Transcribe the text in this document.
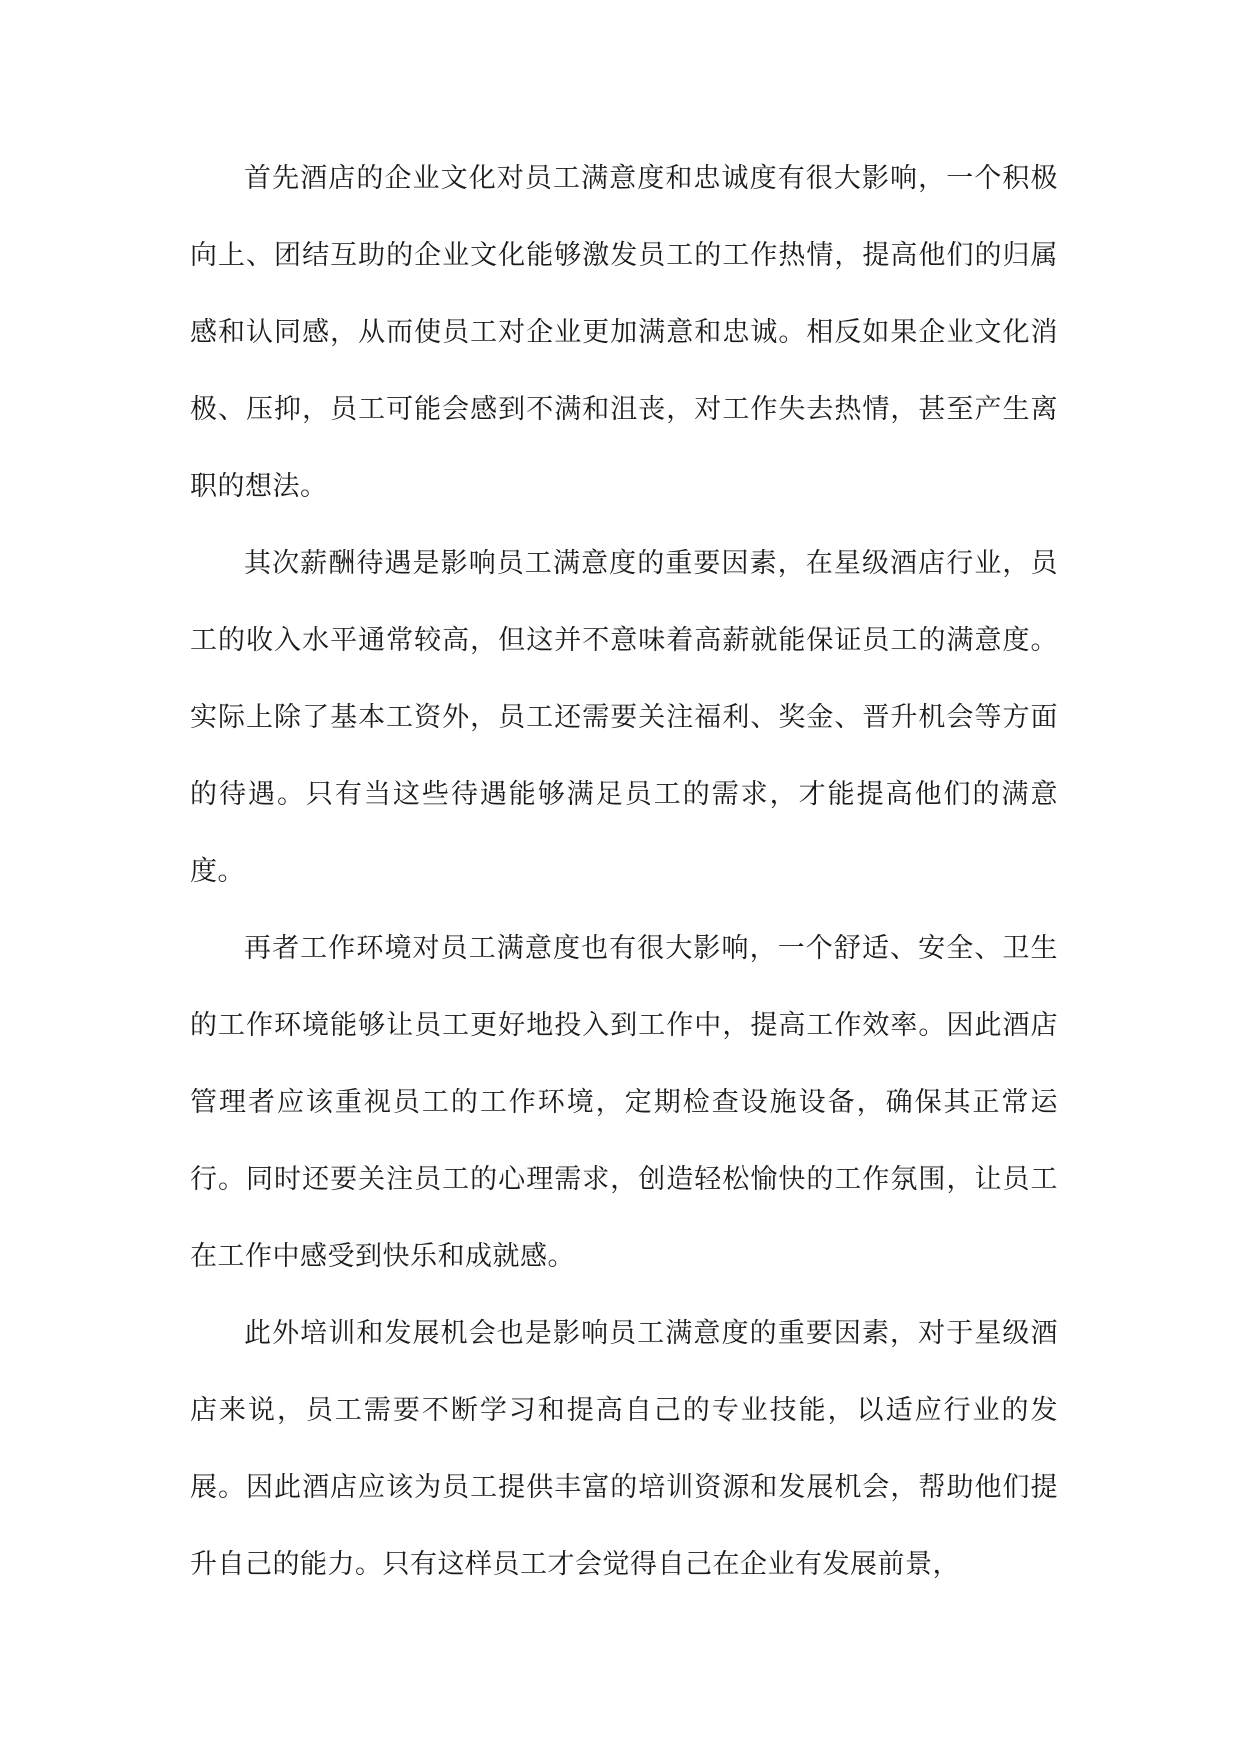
首先酒店的企业文化对员工满意度和忠诚度有很大影响，一个积极向上、团结互助的企业文化能够激发员工的工作热情，提高他们的归属感和认同感，从而使员工对企业更加满意和忠诚。相反如果企业文化消极、压抑，员工可能会感到不满和沮丧，对工作失去热情，甚至产生离职的想法。

其次薪酬待遇是影响员工满意度的重要因素，在星级酒店行业，员工的收入水平通常较高，但这并不意味着高薪就能保证员工的满意度。实际上除了基本工资外，员工还需要关注福利、奖金、晋升机会等方面的待遇。只有当这些待遇能够满足员工的需求，才能提高他们的满意度。

再者工作环境对员工满意度也有很大影响，一个舒适、安全、卫生的工作环境能够让员工更好地投入到工作中，提高工作效率。因此酒店管理者应该重视员工的工作环境，定期检查设施设备，确保其正常运行。同时还要关注员工的心理需求，创造轻松愉快的工作氛围，让员工在工作中感受到快乐和成就感。

此外培训和发展机会也是影响员工满意度的重要因素，对于星级酒店来说，员工需要不断学习和提高自己的专业技能，以适应行业的发展。因此酒店应该为员工提供丰富的培训资源和发展机会，帮助他们提升自己的能力。只有这样员工才会觉得自己在企业有发展前景，
